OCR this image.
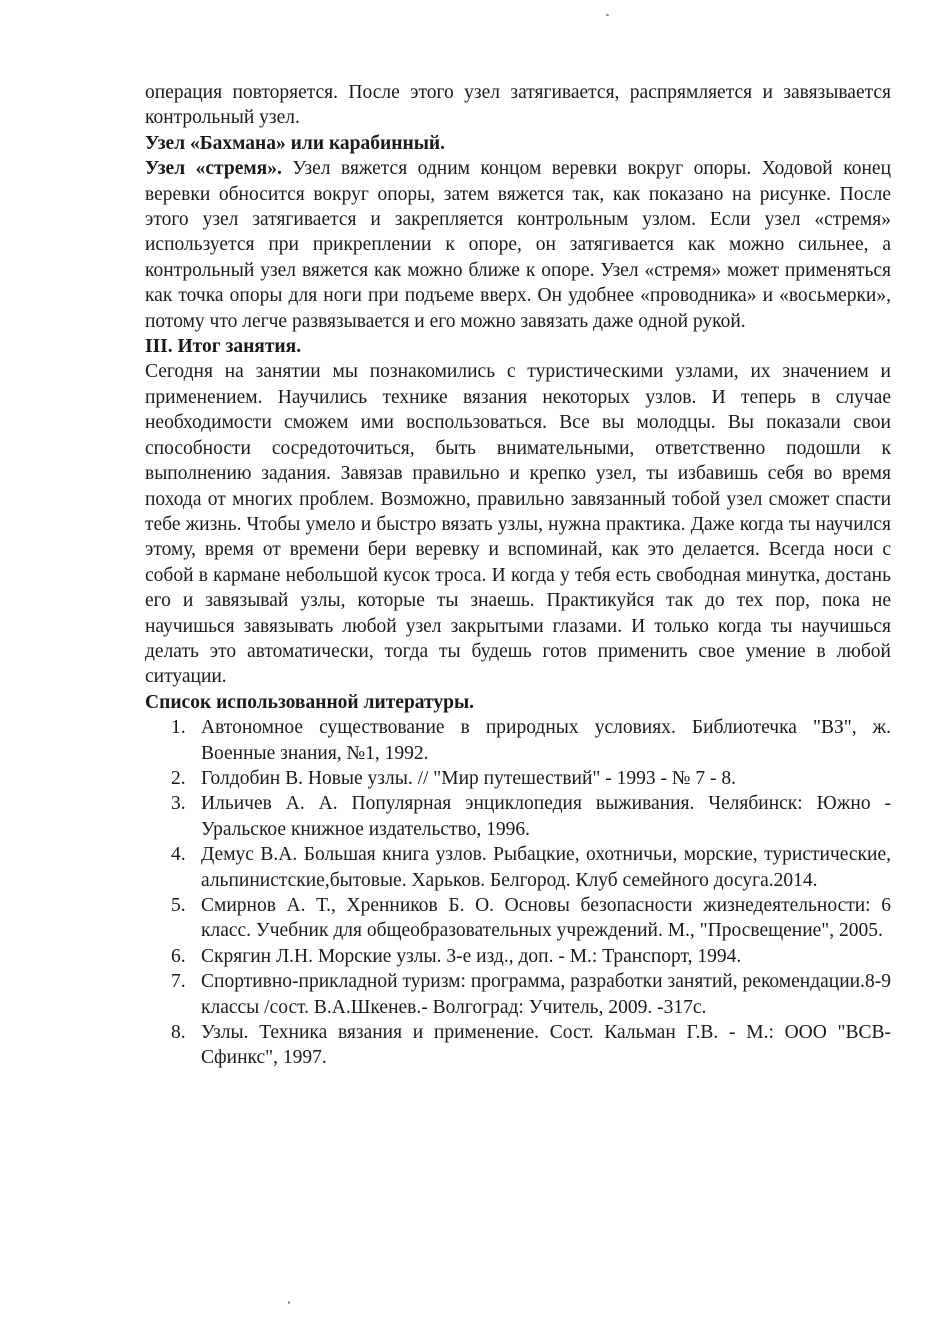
операция повторяется. После этого узел затягивается, распрямляется и завязывается контрольный узел.

Узел «Бахмана» или карабинный.

Узел «стремя». Узел вяжется одним концом веревки вокруг опоры. Ходовой конец веревки обносится вокруг опоры, затем вяжется так, как показано на рисунке. После этого узел затягивается и закрепляется контрольным узлом. Если узел «стремя» используется при прикреплении к опоре, он затягивается как можно сильнее, а контрольный узел вяжется как можно ближе к опоре. Узел «стремя» может применяться как точка опоры для ноги при подъеме вверх. Он удобнее «проводника» и «восьмерки», потому что легче развязывается и его можно завязать даже одной рукой.

III. Итог занятия.

Сегодня на занятии мы познакомились с туристическими узлами, их значением и применением. Научились технике вязания некоторых узлов. И теперь в случае необходимости сможем ими воспользоваться. Все вы молодцы. Вы показали свои способности сосредоточиться, быть внимательными, ответственно подошли к выполнению задания. Завязав правильно и крепко узел, ты избавишь себя во время похода от многих проблем. Возможно, правильно завязанный тобой узел сможет спасти тебе жизнь. Чтобы умело и быстро вязать узлы, нужна практика. Даже когда ты научился этому, время от времени бери веревку и вспоминай, как это делается. Всегда носи с собой в кармане небольшой кусок троса. И когда у тебя есть свободная минутка, достань его и завязывай узлы, которые ты знаешь. Практикуйся так до тех пор, пока не научишься завязывать любой узел закрытыми глазами. И только когда ты научишься делать это автоматически, тогда ты будешь готов применить свое умение в любой ситуации.

Список использованной литературы.

1. Автономное существование в природных условиях. Библиотечка "ВЗ", ж. Военные знания, №1, 1992.
2. Голдобин В. Новые узлы. // "Мир путешествий" - 1993 - № 7 - 8.
3. Ильичев А. А. Популярная энциклопедия выживания. Челябинск: Южно - Уральское книжное издательство, 1996.
4. Демус В.А. Большая книга узлов. Рыбацкие, охотничьи, морские, туристические, альпинистские,бытовые. Харьков. Белгород. Клуб семейного досуга.2014.
5. Смирнов А. Т., Хренников Б. О. Основы безопасности жизнедеятельности: 6 класс. Учебник для общеобразовательных учреждений. М., "Просвещение", 2005.
6. Скрягин Л.Н. Морские узлы. 3-е изд., доп. - М.: Транспорт, 1994.
7. Спортивно-прикладной туризм: программа, разработки занятий, рекомендации.8-9 классы /сост. В.А.Шкенев.- Волгоград: Учитель, 2009. -317с.
8. Узлы. Техника вязания и применение. Сост. Кальман Г.В. - М.: ООО "ВСВ-Сфинкс", 1997.
